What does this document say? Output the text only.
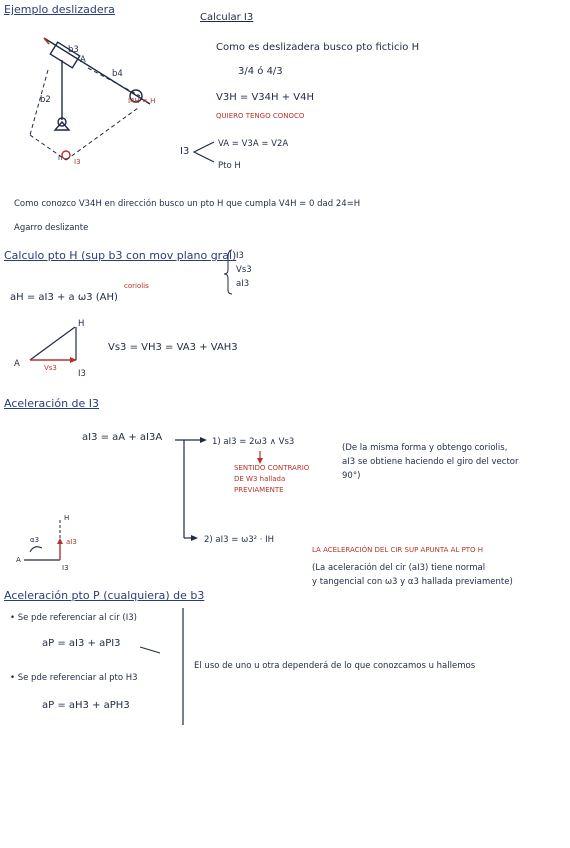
Ejemplo deslizadera
Calcular I3
Como es deslizadera busco pto ficticio H
3/4 ó 4/3
V3H = V34H + V4H
QUIERO TENGO CONOCO
I3
VA = V3A = V2A
Pto H
b3
b4
b2
A
I4H = H
I3
n
Como conozco V34H en dirección busco un pto H que cumpla V4H = 0 dad 24=H
Agarro deslizante
Calculo pto H (sup b3 con mov plano gral) I3
Vs3
aI3
aH = aI3 + a ω3 (AH)
coriolis
H
A	Vs3
I3
Vs3 = VH3 = VA3 + VAH3
Aceleración de I3
aI3 = aA + aI3A	1) aI3 = 2ω3 ∧ Vs3
SENTIDO CONTRARIO
DE W3 hallada
PREVIAMENTE
(De la misma forma y obtengo coriolis,
aI3 se obtiene haciendo el giro del vector
90°)
2) aI3 = ω3² · IH
LA ACELERACIÓN DEL CIR SUP APUNTA AL PTO H
(La aceleración del cir (aI3) tiene normal
y tangencial con ω3 y α3 hallada previamente)
H
α3	aI3
I3
A
Aceleración pto P (cualquiera) de b3
• Se pde referenciar al cir (I3)
aP = aI3 + aPI3
• Se pde referenciar al pto H3
aP = aH3 + aPH3
El uso de uno u otra dependerá de lo que conozcamos u hallemos
